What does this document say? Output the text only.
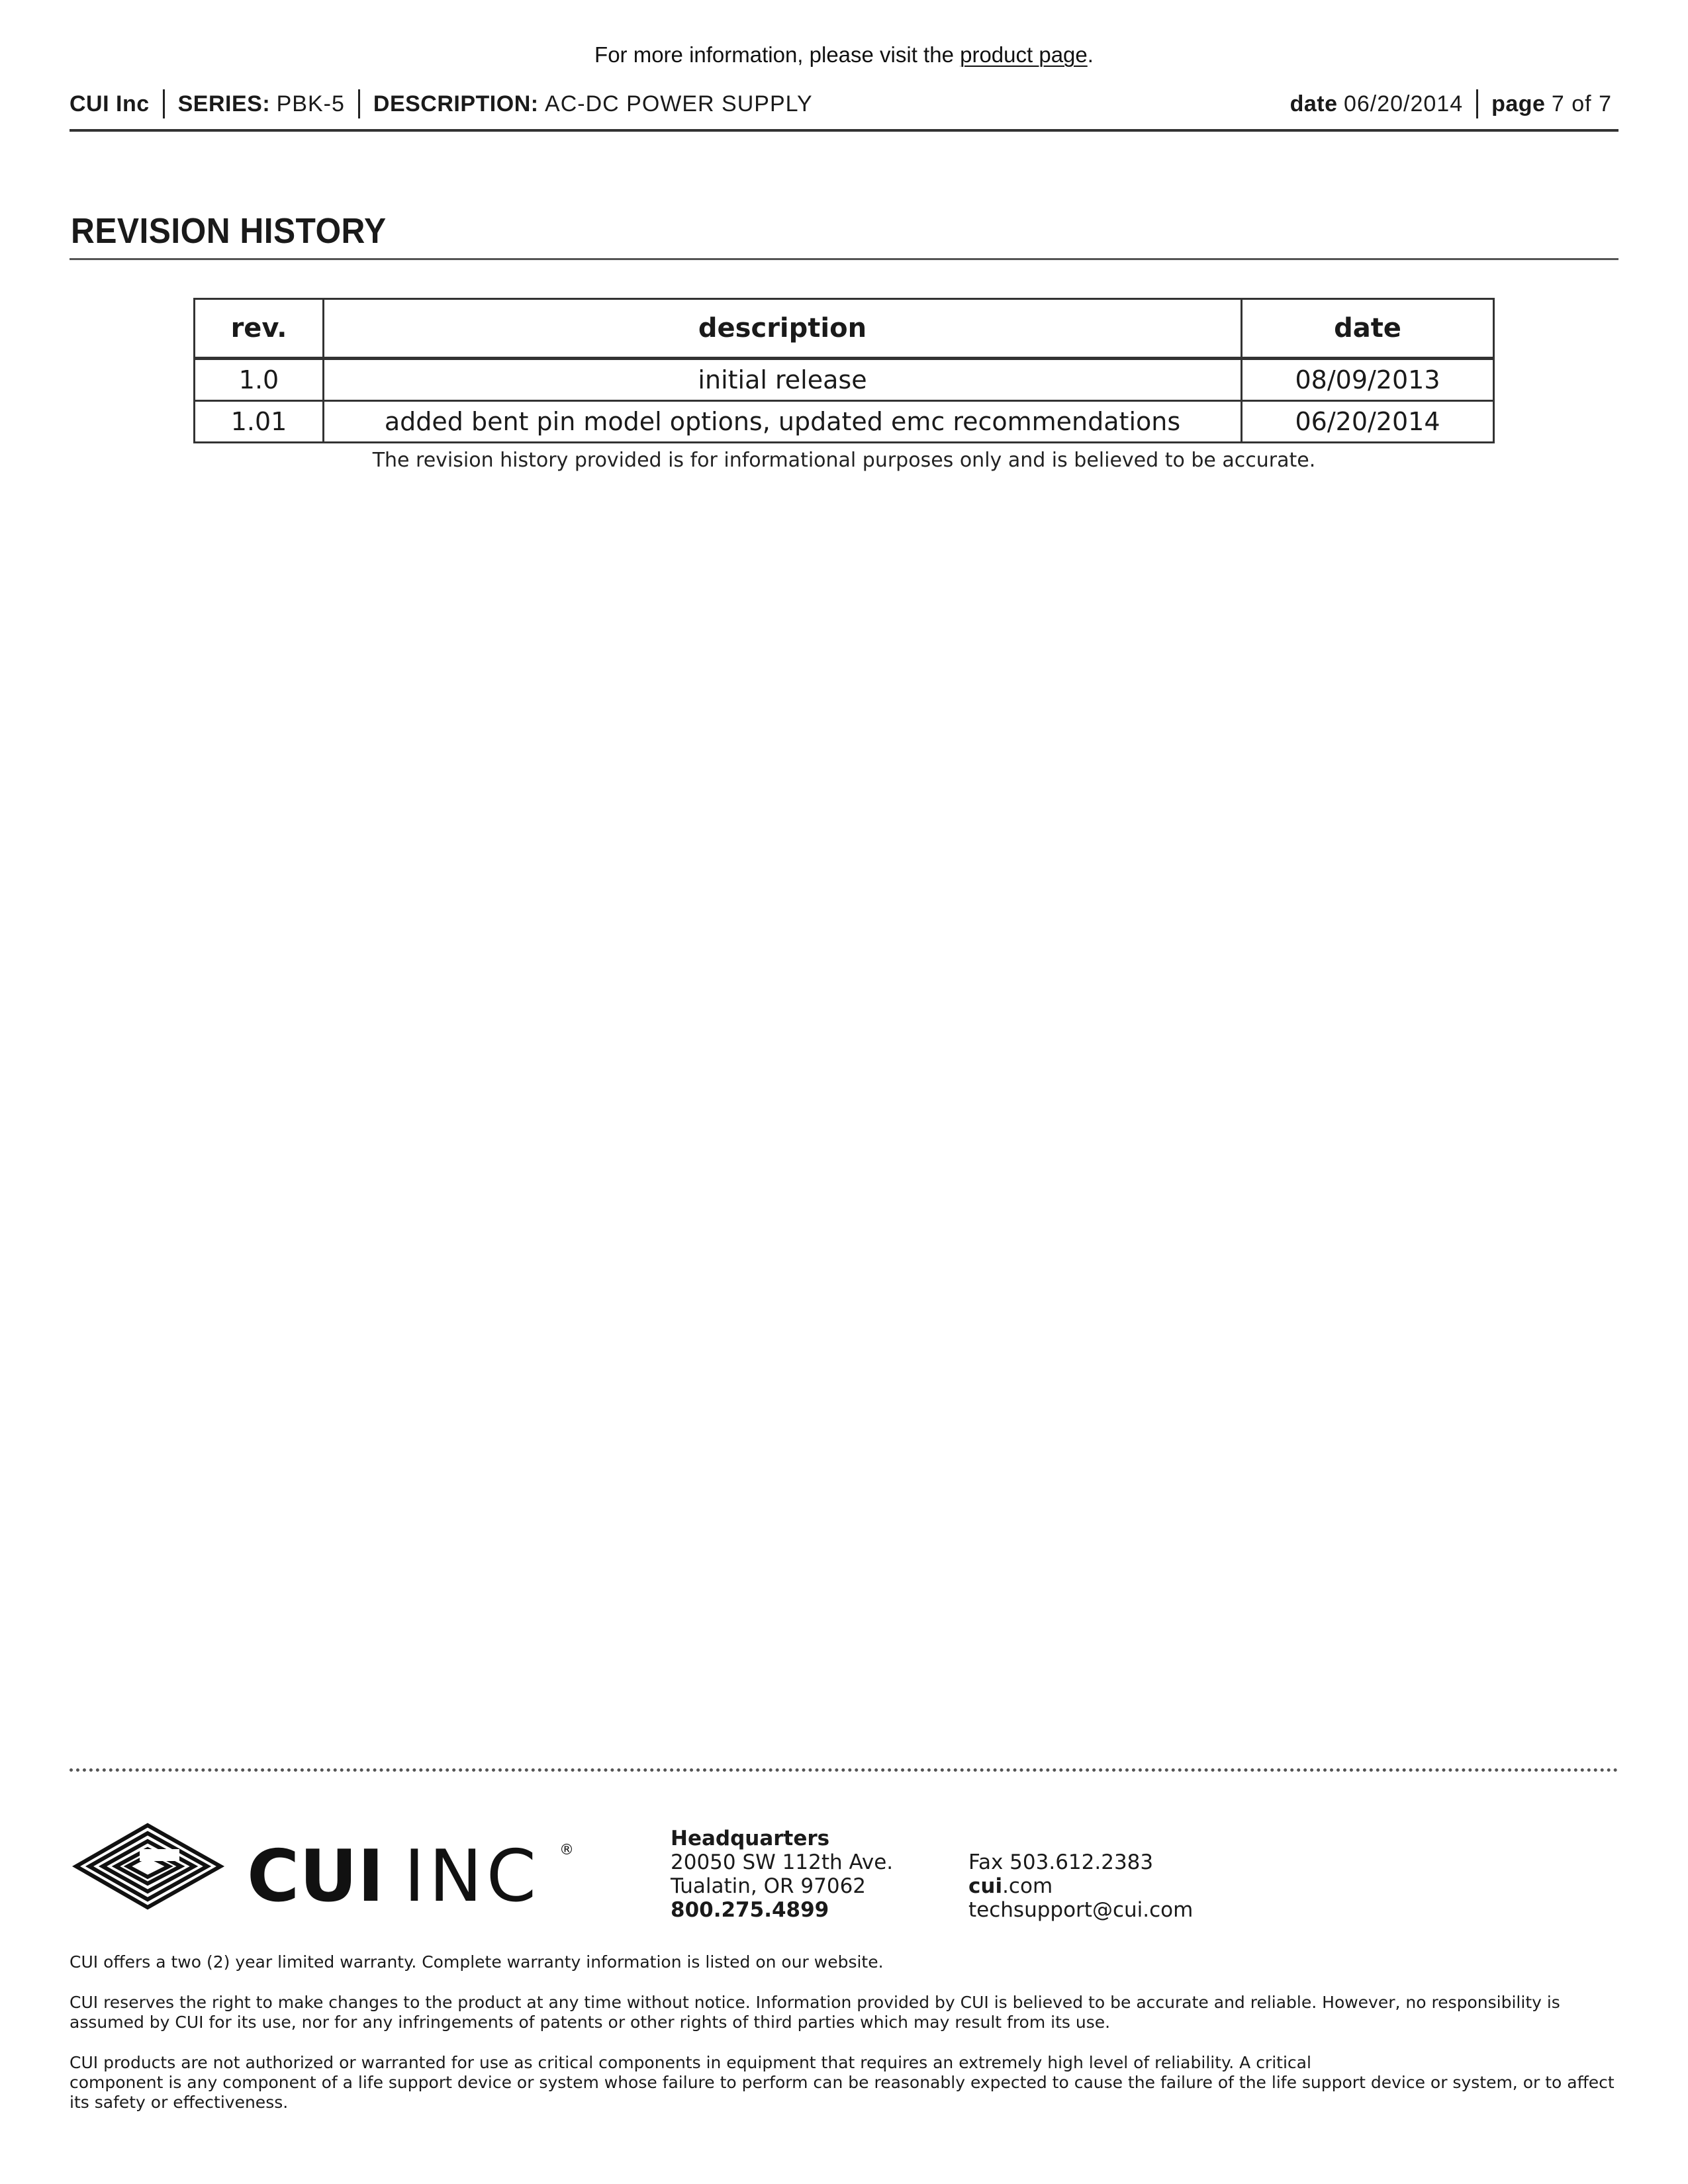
For more information, please visit the product page.
CUI Inc SERIES:
PBK-5 DESCRIPTION:
AC-DC POWER SUPPLY	date
06/20/2014 page
7 of 7
REVISION HISTORY
rev.	description	date
1.0	initial release	08/09/2013
1.01	added bent pin model options, updated emc recommendations	06/20/2014
The revision history provided is for informational purposes only and is believed to be accurate.
CUI INC ®	Headquarters
20050 SW 112th Ave.
Tualatin, OR 97062
800.275.4899
Fax 503.612.2383
cui.com
techsupport@cui.com
CUI offers a two (2) year limited warranty. Complete warranty information is listed on our website.
CUI reserves the right to make changes to the product at any time without notice. Information provided by CUI is believed to be accurate and reliable. However, no responsibility is assumed by CUI for its use, nor for any infringements of patents or other rights of third parties which may result from its use.
CUI products are not authorized or warranted for use as critical components in equipment that requires an extremely high level of reliability. A critical
component is any component of a life support device or system whose failure to perform can be reasonably expected to cause the failure of the life support device or system, or to affect its safety or effectiveness.
